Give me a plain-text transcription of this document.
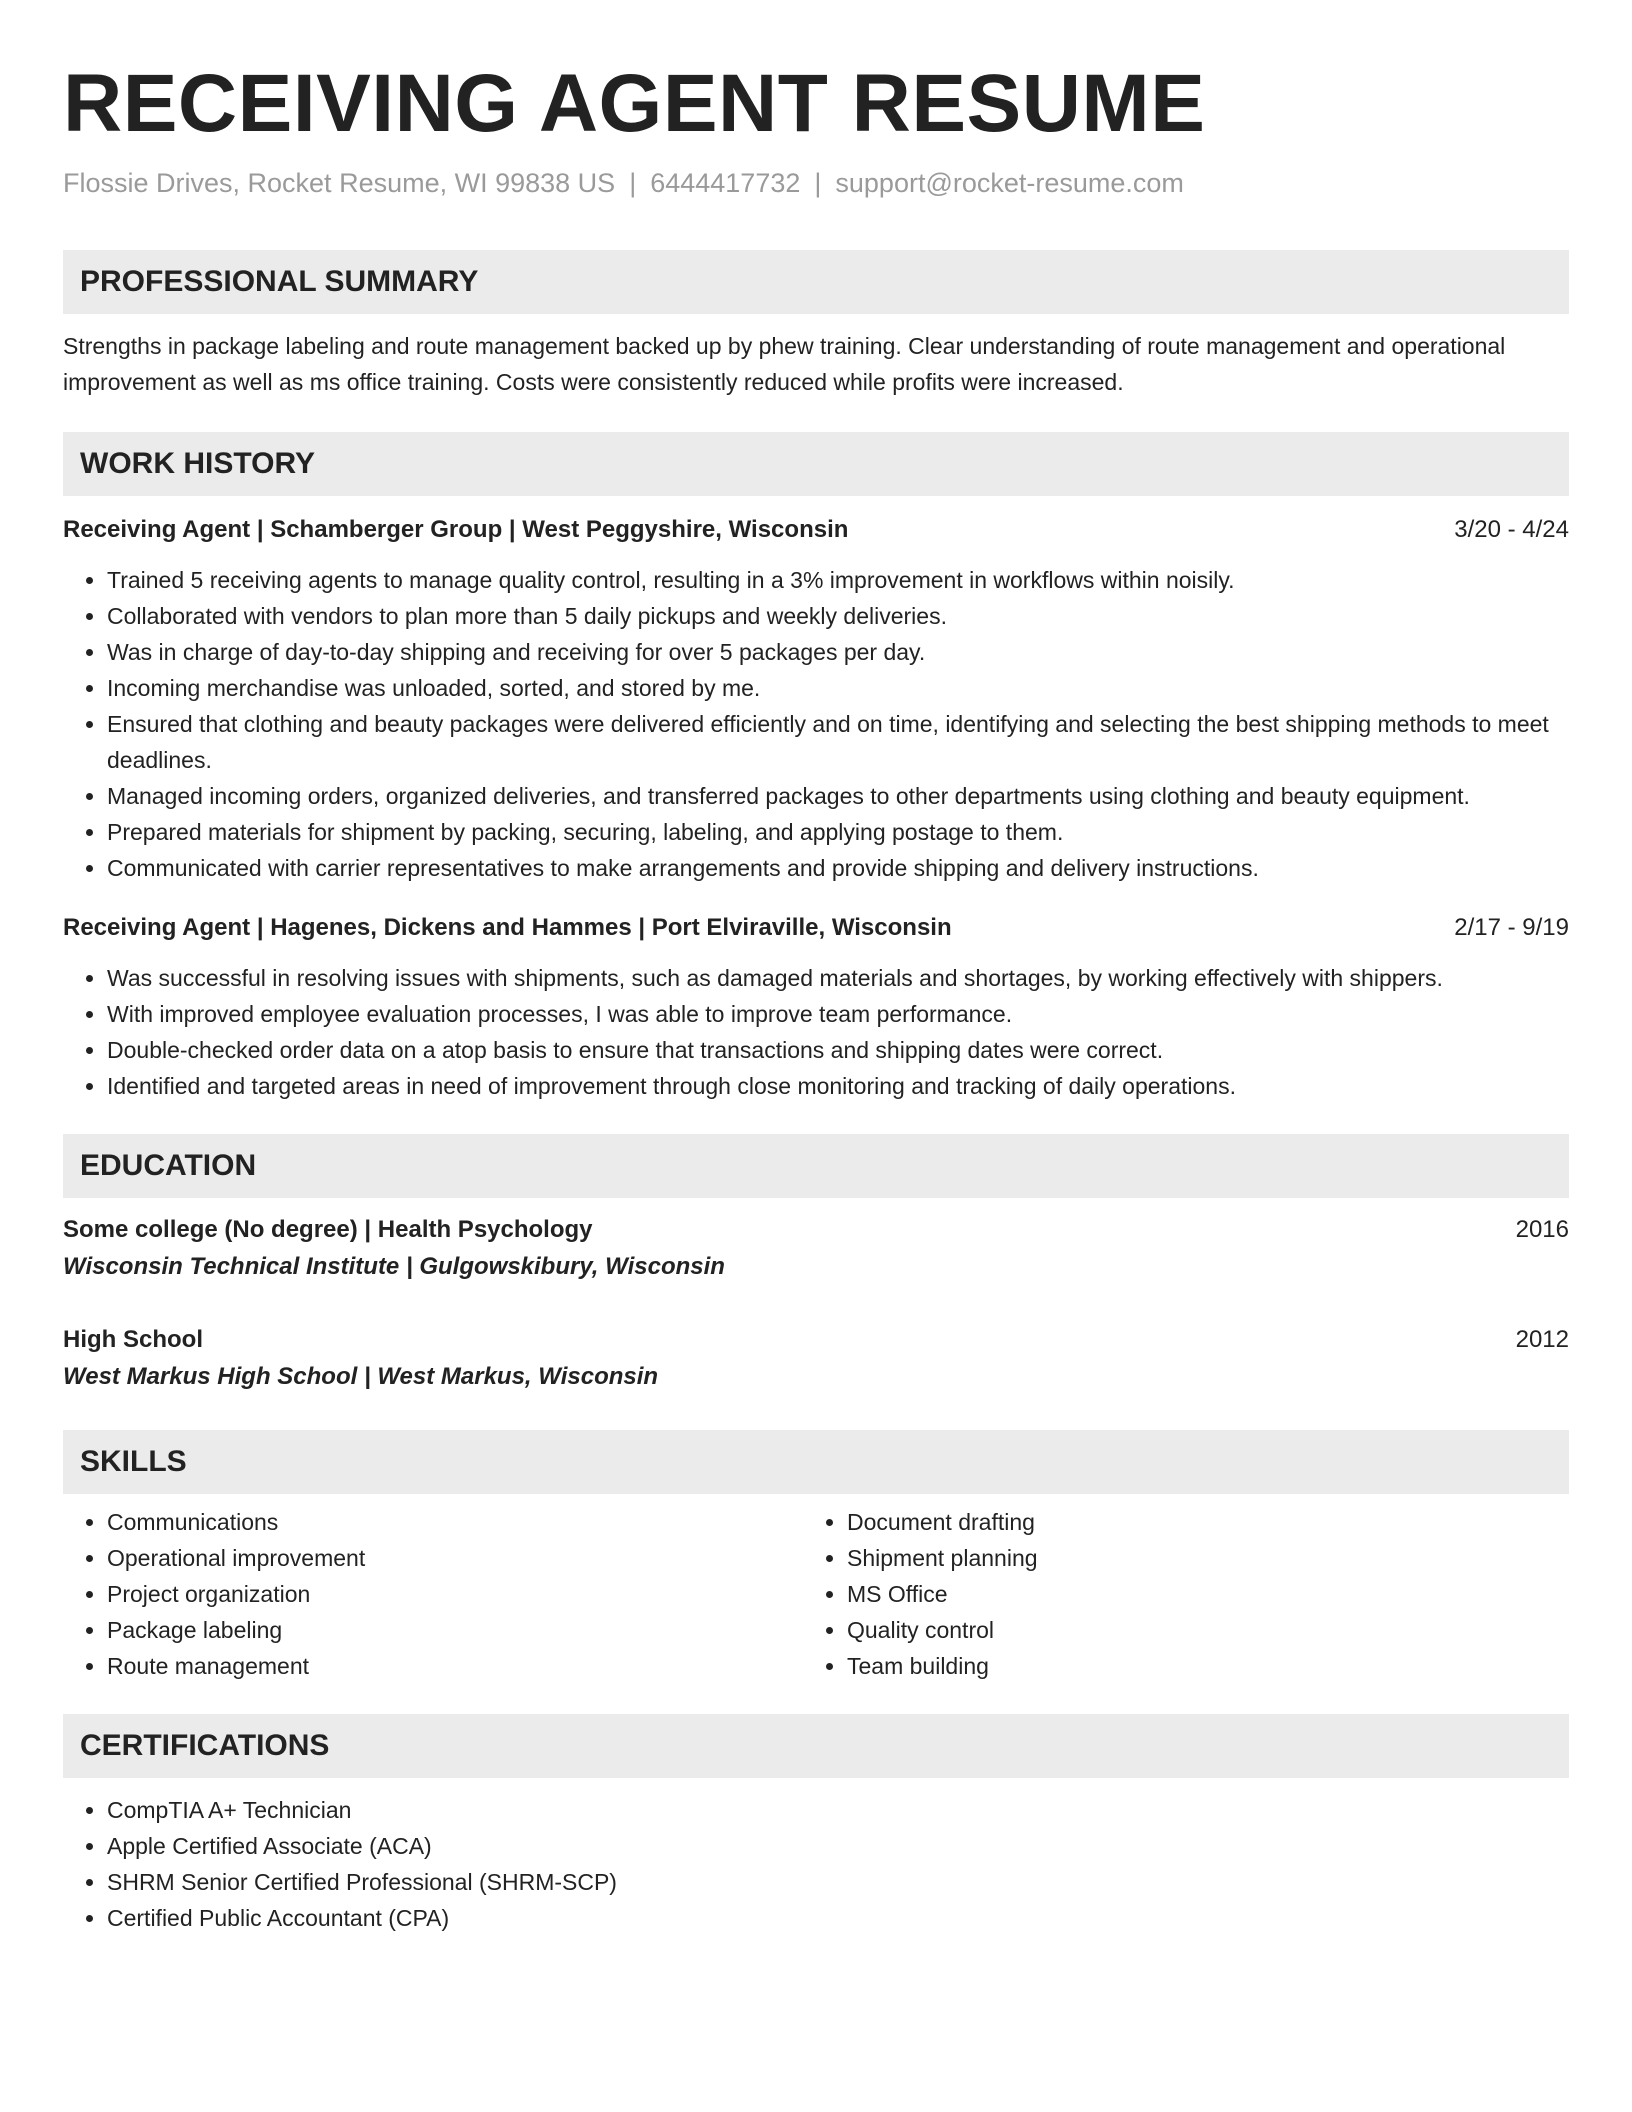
RECEIVING AGENT RESUME
Flossie Drives, Rocket Resume, WI 99838 US | 6444417732 | support@rocket-resume.com
PROFESSIONAL SUMMARY
Strengths in package labeling and route management backed up by phew training. Clear understanding of route management and operational improvement as well as ms office training. Costs were consistently reduced while profits were increased.
WORK HISTORY
Receiving Agent | Schamberger Group | West Peggyshire, Wisconsin	3/20 - 4/24
• Trained 5 receiving agents to manage quality control, resulting in a 3% improvement in workflows within noisily.
• Collaborated with vendors to plan more than 5 daily pickups and weekly deliveries.
• Was in charge of day-to-day shipping and receiving for over 5 packages per day.
• Incoming merchandise was unloaded, sorted, and stored by me.
• Ensured that clothing and beauty packages were delivered efficiently and on time, identifying and selecting the best shipping methods to meet deadlines.
• Managed incoming orders, organized deliveries, and transferred packages to other departments using clothing and beauty equipment.
• Prepared materials for shipment by packing, securing, labeling, and applying postage to them.
• Communicated with carrier representatives to make arrangements and provide shipping and delivery instructions.
Receiving Agent | Hagenes, Dickens and Hammes | Port Elviraville, Wisconsin	2/17 - 9/19
• Was successful in resolving issues with shipments, such as damaged materials and shortages, by working effectively with shippers.
• With improved employee evaluation processes, I was able to improve team performance.
• Double-checked order data on a atop basis to ensure that transactions and shipping dates were correct.
• Identified and targeted areas in need of improvement through close monitoring and tracking of daily operations.
EDUCATION
Some college (No degree) | Health Psychology	2016
Wisconsin Technical Institute | Gulgowskibury, Wisconsin
High School	2012
West Markus High School | West Markus, Wisconsin
SKILLS
• Communications
• Operational improvement
• Project organization
• Package labeling
• Route management
• Document drafting
• Shipment planning
• MS Office
• Quality control
• Team building
CERTIFICATIONS
• CompTIA A+ Technician
• Apple Certified Associate (ACA)
• SHRM Senior Certified Professional (SHRM-SCP)
• Certified Public Accountant (CPA)
